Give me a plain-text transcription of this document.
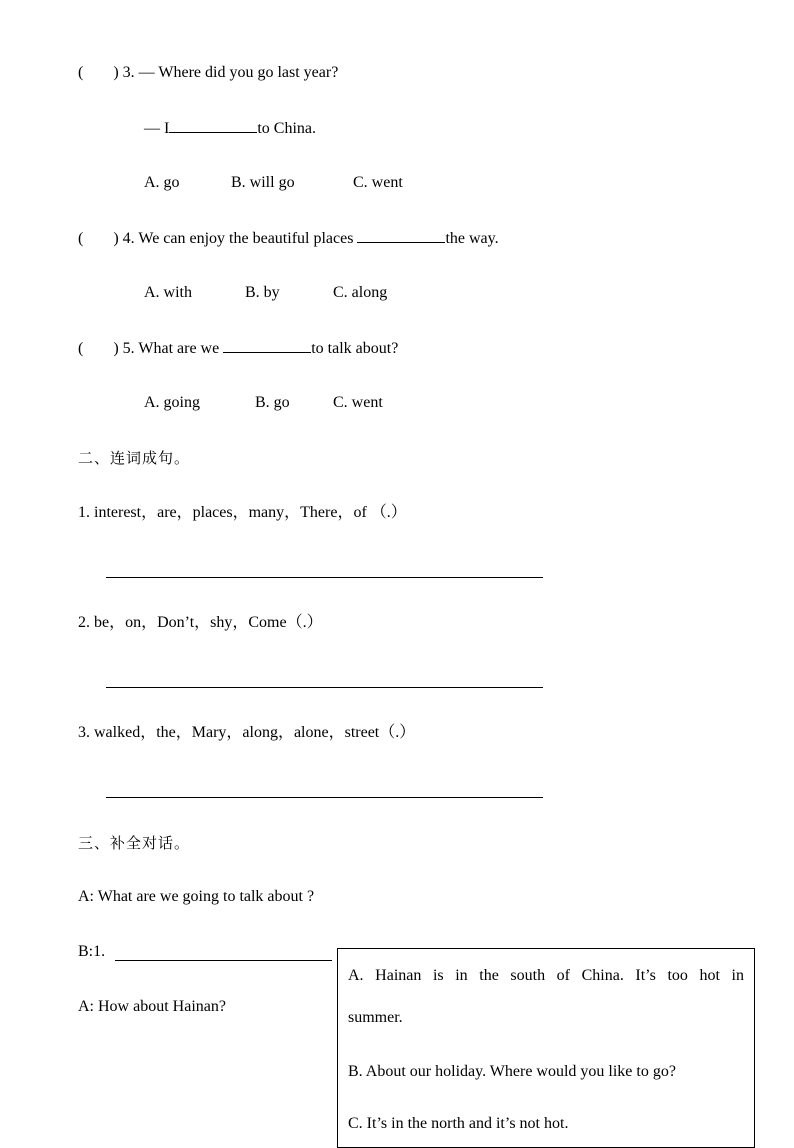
( ) 3. — Where did you go last year?
— I	to China.
A. go	B. will go	C. went
( ) 4. We can enjoy the beautiful places	the way.
A. with	B. by	C. along
( ) 5. What are we	to talk about?
A. going	B. go	C. went
二、连词成句。
1. interest，are，places，many，There，of （.）
2. be，on，Don’t，shy，Come（.）
3. walked，the，Mary，along，alone，street（.）
三、补全对话。
A: What are we going to talk about ?
B:1.
A: How about Hainan?
A. Hainan is in the south of China. It’s too hot in
summer.
B. About our holiday. Where would you like to go?
C. It’s in the north and it’s not hot.
